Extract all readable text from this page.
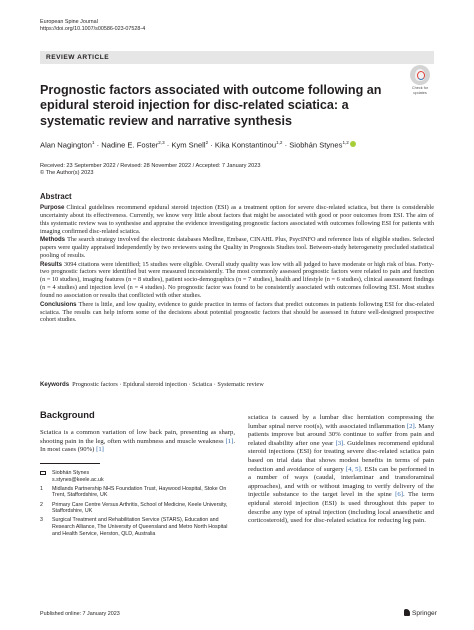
European Spine Journal
https://doi.org/10.1007/s00586-023-07528-4
REVIEW ARTICLE
Check for
updates
Prognostic factors associated with outcome following an epidural steroid injection for disc-related sciatica: a systematic review and narrative synthesis
Alan Nagington$^1$ · Nadine E. Foster$^{2,3}$ · Kym Snell$^2$ · Kika Konstantinou$^{1,2}$ · Siobhán Stynes$^{1,2}$
Received: 23 September 2022 / Revised: 28 November 2022 / Accepted: 7 January 2023
© The Author(s) 2023
Abstract

Purpose Clinical guidelines recommend epidural steroid injection (ESI) as a treatment option for severe disc-related sciatica, but there is considerable uncertainty about its effectiveness. Currently, we know very little about factors that might be associated with good or poor outcomes from ESI. The aim of this systematic review was to synthesise and appraise the evidence investigating prognostic factors associated with outcomes following ESI for patients with imaging confirmed disc-related sciatica.

Methods The search strategy involved the electronic databases Medline, Embase, CINAHL Plus, PsycINFO and reference lists of eligible studies. Selected papers were quality appraised independently by two reviewers using the Quality in Prognosis Studies tool. Between-study heterogeneity precluded statistical pooling of results.

Results 3094 citations were identified; 15 studies were eligible. Overall study quality was low with all judged to have moderate or high risk of bias. Forty-two prognostic factors were identified but were measured inconsistently. The most commonly assessed prognostic factors were related to pain and function (n = 10 studies), imaging features (n = 8 studies), patient socio-demographics (n = 7 studies), health and lifestyle (n = 6 studies), clinical assessment findings (n = 4 studies) and injection level (n = 4 studies). No prognostic factor was found to be consistently associated with outcomes following ESI. Most studies found no association or results that conflicted with other studies.

Conclusions There is little, and low quality, evidence to guide practice in terms of factors that predict outcomes in patients following ESI for disc-related sciatica. The results can help inform some of the decisions about potential prognostic factors that should be assessed in future well-designed prospective cohort studies.

Keywords Prognostic factors · Epidural steroid injection · Sciatica · Systematic review
Background
Sciatica is a common variation of low back pain, presenting as sharp, shooting pain in the leg, often with numbness and muscle weakness [1]. In most cases (90%) [1]
Siobhán Stynes
s.stynes@keele.ac.uk
1 Midlands Partnership NHS Foundation Trust, Haywood Hospital, Stoke On Trent, Staffordshire, UK
2 Primary Care Centre Versus Arthritis, School of Medicine, Keele University, Staffordshire, UK
3 Surgical Treatment and Rehabilitation Service (STARS), Education and Research Alliance, The University of Queensland and Metro North Hospital and Health Service, Herston, QLD, Australia
sciatica is caused by a lumbar disc herniation compressing the lumbar spinal nerve root(s), with associated inflammation [2]. Many patients improve but around 30% continue to suffer from pain and related disability after one year [3]. Guidelines recommend epidural steroid injections (ESI) for treating severe disc-related sciatica pain based on trial data that shows modest benefits in terms of pain reduction and avoidance of surgery [4, 5]. ESIs can be performed in a number of ways (caudal, interlaminar and transforaminal approaches), and with or without imaging to verify delivery of the injectile substance to the target level in the spine [6]. The term epidural steroid injection (ESI) is used throughout this paper to describe any type of spinal injection (including local anaesthetic and corticosteroid), used for disc-related sciatica for reducing leg pain.
Published online: 7 January 2023	Springer
